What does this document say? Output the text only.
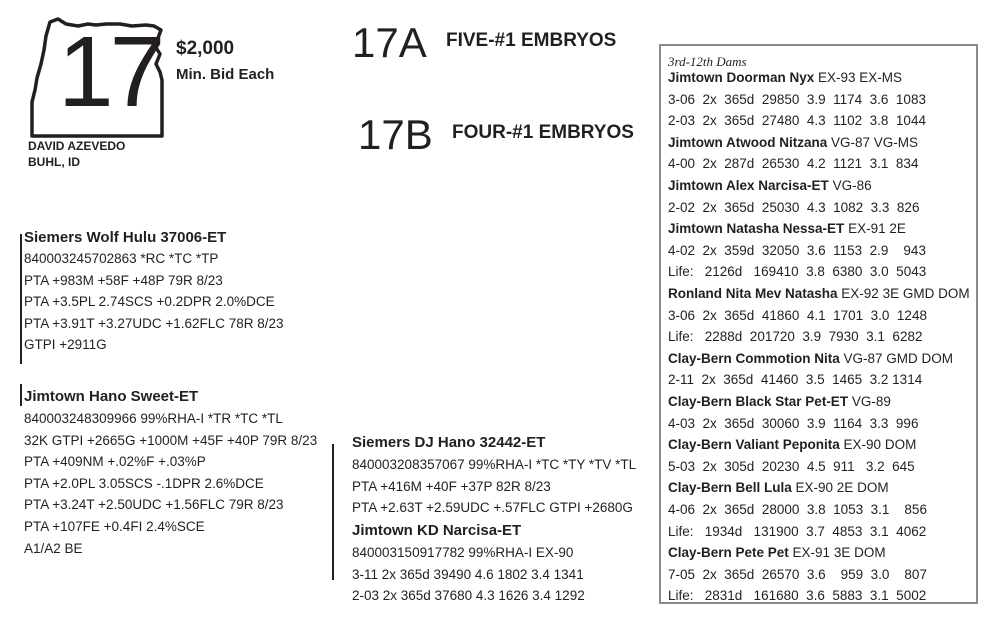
17 $2,000
Min. Bid Each
DAVID AZEVEDO
BUHL, ID
17A FIVE-#1 EMBRYOS
17B FOUR-#1 EMBRYOS
Siemers Wolf Hulu 37006-ET
840003245702863 *RC *TC *TP
PTA +983M +58F +48P 79R 8/23
PTA +3.5PL 2.74SCS +0.2DPR 2.0%DCE
PTA +3.91T +3.27UDC +1.62FLC 78R 8/23
GTPI +2911G
Jimtown Hano Sweet-ET
840003248309966 99%RHA-I *TR *TC *TL
32K GTPI +2665G +1000M +45F +40P 79R 8/23
PTA +409NM +.02%F +.03%P
PTA +2.0PL 3.05SCS -.1DPR 2.6%DCE
PTA +3.24T +2.50UDC +1.56FLC 79R 8/23
PTA +107FE +0.4FI 2.4%SCE
A1/A2 BE
Siemers DJ Hano 32442-ET
840003208357067 99%RHA-I *TC *TY *TV *TL
PTA +416M +40F +37P 82R 8/23
PTA +2.63T +2.59UDC +.57FLC GTPI +2680G
Jimtown KD Narcisa-ET
840003150917782 99%RHA-I EX-90
3-11 2x 365d 39490 4.6 1802 3.4 1341
2-03 2x 365d 37680 4.3 1626 3.4 1292
3rd-12th Dams
Jimtown Doorman Nyx EX-93 EX-MS
3-06  2x  365d  29850  3.9  1174  3.6  1083
2-03  2x  365d  27480  4.3  1102  3.8  1044
Jimtown Atwood Nitzana VG-87 VG-MS
4-00  2x  287d  26530  4.2  1121  3.1  834
Jimtown Alex Narcisa-ET VG-86
2-02  2x  365d  25030  4.3  1082  3.3  826
Jimtown Natasha Nessa-ET EX-91 2E
4-02  2x  359d  32050  3.6  1153  2.9    943
Life:   2126d   169410  3.8  6380  3.0  5043
Ronland Nita Mev Natasha EX-92 3E GMD DOM
3-06  2x  365d  41860  4.1  1701  3.0  1248
Life:   2288d  201720  3.9  7930  3.1  6282
Clay-Bern Commotion Nita VG-87 GMD DOM
2-11  2x  365d  41460  3.5  1465  3.2 1314
Clay-Bern Black Star Pet-ET VG-89
4-03  2x  365d  30060  3.9  1164  3.3  996
Clay-Bern Valiant Peponita EX-90 DOM
5-03  2x  305d  20230  4.5  911   3.2  645
Clay-Bern Bell Lula EX-90 2E DOM
4-06  2x  365d  28000  3.8  1053  3.1    856
Life:   1934d   131900  3.7  4853  3.1  4062
Clay-Bern Pete Pet EX-91 3E DOM
7-05  2x  365d  26570  3.6    959  3.0    807
Life:   2831d   161680  3.6  5883  3.1  5002
